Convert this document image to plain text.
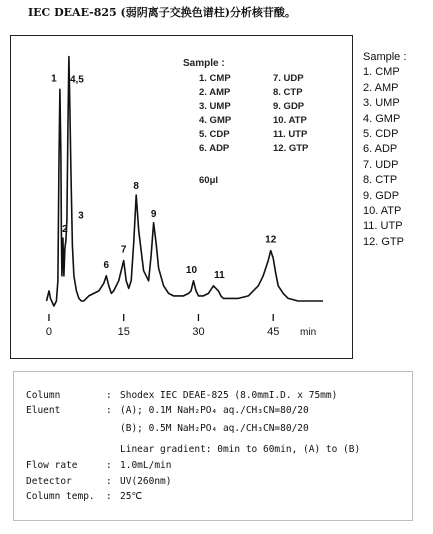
IEC DEAE-825 (弱阴离子交换色谱柱)分析核苷酸。
0	15	30	45 min
1
2
3
4,5
6
7
8
9
10 11
12
Sample :
1. CMP
2. AMP
3. UMP
4. GMP
5. CDP
6. ADP
7. UDP
8. CTP
9. GDP
10. ATP
11. UTP
12. GTP
60μl
Sample :
1. CMP
2. AMP
3. UMP
4. GMP
5. CDP
6. ADP
7. UDP
8. CTP
9. GDP
10. ATP
11. UTP
12. GTP
Column	: Shodex IEC DEAE-825 (8.0mmI.D. x 75mm)
Eluent	: (A); 0.1M NaH₂PO₄ aq./CH₃CN=80/20
(B); 0.5M NaH₂PO₄ aq./CH₃CN=80/20
Linear gradient: 0min to 60min, (A) to (B)
Flow rate	: 1.0mL/min
Detector	: UV(260nm)
Column temp. : 25℃
